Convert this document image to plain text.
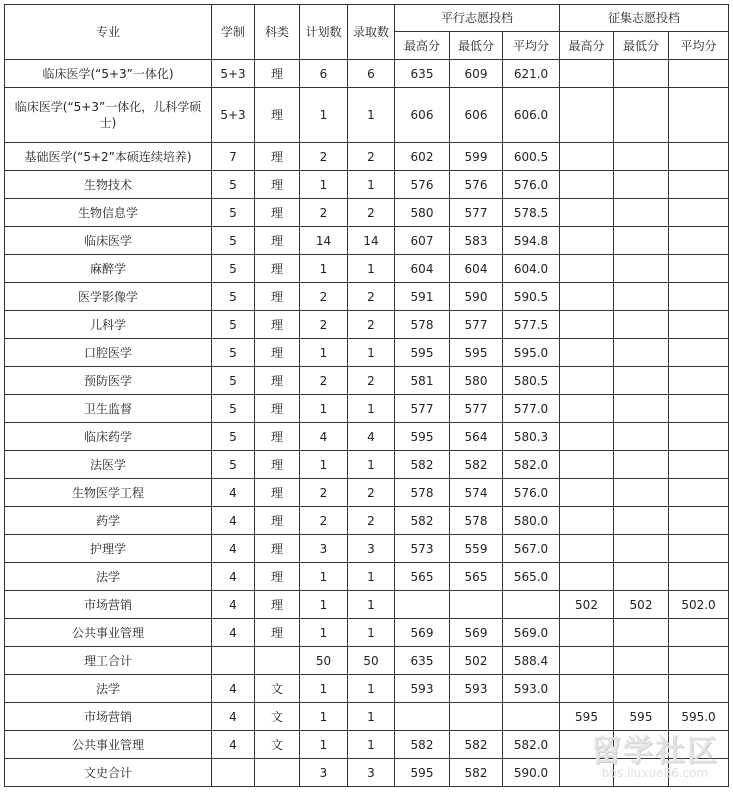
专业	学制	科类	计划数	录取数	平行志愿投档			征集志愿投档		
					最高分	最低分	平均分	最高分	最低分	平均分
临床医学(“5+3”一体化)	5+3	理	6	6	635	609	621.0			
临床医学(“5+3”一体化，儿科学硕士)	5+3	理	1	1	606	606	606.0			
基础医学(“5+2”本硕连续培养)	7	理	2	2	602	599	600.5			
生物技术	5	理	1	1	576	576	576.0			
生物信息学	5	理	2	2	580	577	578.5			
临床医学	5	理	14	14	607	583	594.8			
麻醉学	5	理	1	1	604	604	604.0			
医学影像学	5	理	2	2	591	590	590.5			
儿科学	5	理	2	2	578	577	577.5			
口腔医学	5	理	1	1	595	595	595.0			
预防医学	5	理	2	2	581	580	580.5			
卫生监督	5	理	1	1	577	577	577.0			
临床药学	5	理	4	4	595	564	580.3			
法医学	5	理	1	1	582	582	582.0			
生物医学工程	4	理	2	2	578	574	576.0			
药学	4	理	2	2	582	578	580.0			
护理学	4	理	3	3	573	559	567.0			
法学	4	理	1	1	565	565	565.0			
市场营销	4	理	1	1				502	502	502.0
公共事业管理	4	理	1	1	569	569	569.0			
理工合计			50	50	635	502	588.4			
法学	4	文	1	1	593	593	593.0			
市场营销	4	文	1	1				595	595	595.0
公共事业管理	4	文	1	1	582	582	582.0			
文史合计			3	3	595	582	590.0			
留学社区
bbs.liuxue86.com
